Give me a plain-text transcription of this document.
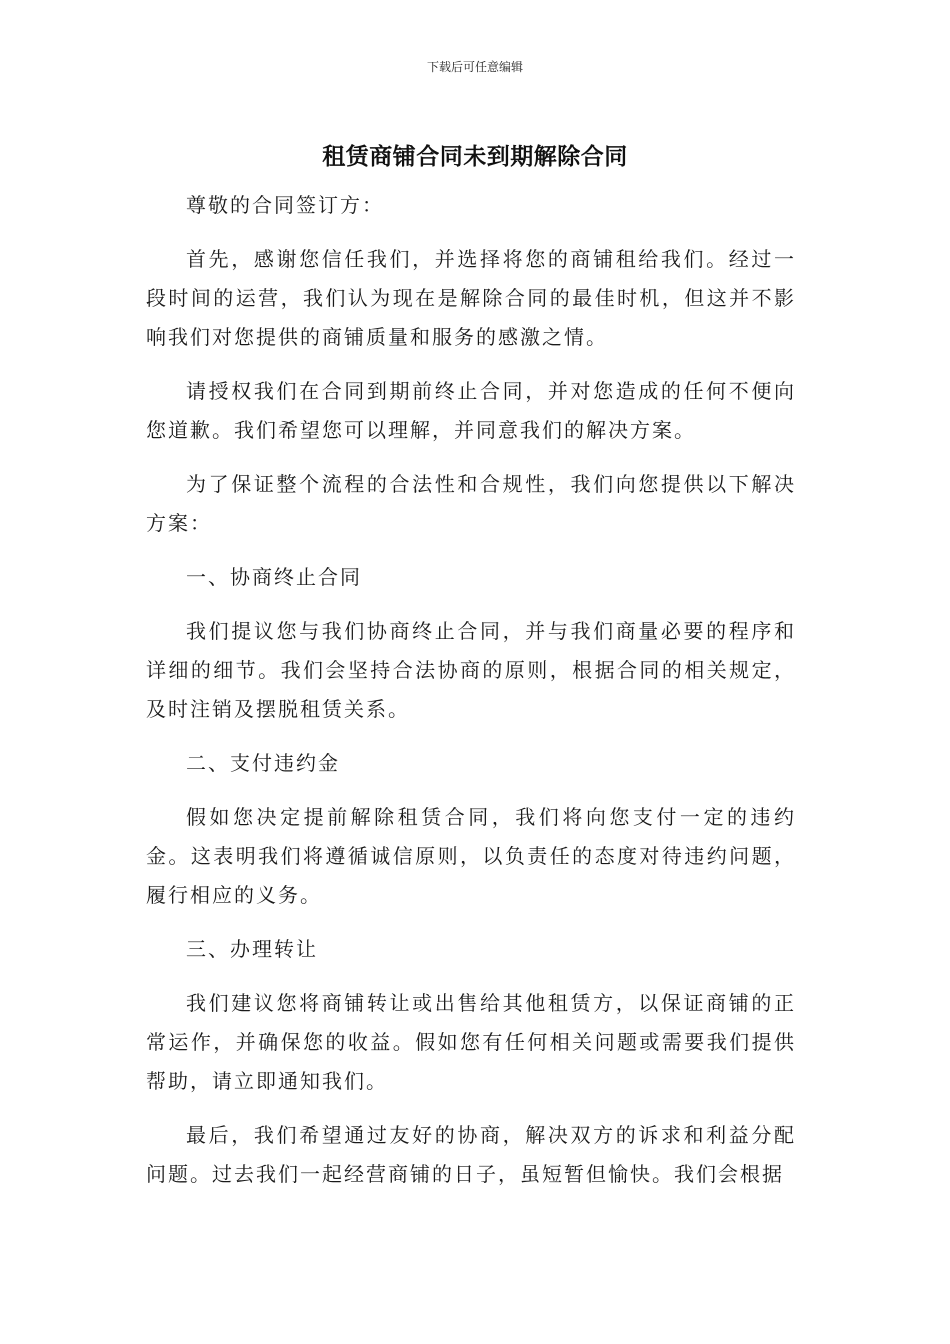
下载后可任意编辑
租赁商铺合同未到期解除合同

尊敬的合同签订方：

首先，感谢您信任我们，并选择将您的商铺租给我们。经过一段时间的运营，我们认为现在是解除合同的最佳时机，但这并不影响我们对您提供的商铺质量和服务的感激之情。

请授权我们在合同到期前终止合同，并对您造成的任何不便向您道歉。我们希望您可以理解，并同意我们的解决方案。

为了保证整个流程的合法性和合规性，我们向您提供以下解决方案：

一、协商终止合同

我们提议您与我们协商终止合同，并与我们商量必要的程序和详细的细节。我们会坚持合法协商的原则，根据合同的相关规定，及时注销及摆脱租赁关系。

二、支付违约金

假如您决定提前解除租赁合同，我们将向您支付一定的违约金。这表明我们将遵循诚信原则，以负责任的态度对待违约问题，履行相应的义务。

三、办理转让

我们建议您将商铺转让或出售给其他租赁方，以保证商铺的正常运作，并确保您的收益。假如您有任何相关问题或需要我们提供帮助，请立即通知我们。

最后，我们希望通过友好的协商，解决双方的诉求和利益分配问题。过去我们一起经营商铺的日子，虽短暂但愉快。我们会根据
